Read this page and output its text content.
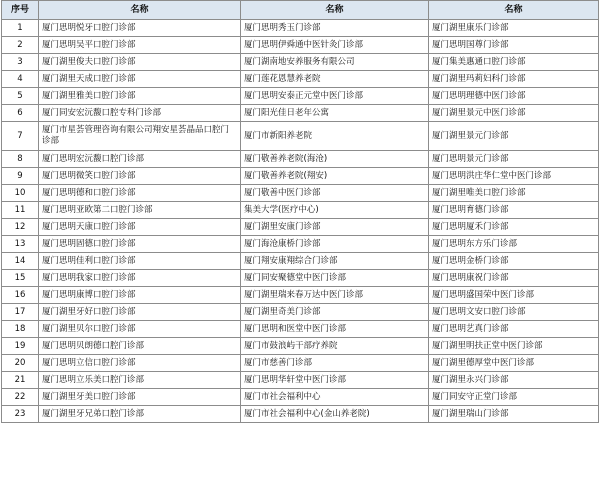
序号	名称	名称	名称
1	厦门思明悦牙口腔门诊部	厦门思明秀玉门诊部	厦门湖里康乐门诊部
2	厦门思明吴平口腔门诊部	厦门思明伊舜通中医针灸门诊部	厦门思明国尊门诊部
3	厦门湖里俊夫口腔门诊部	厦门湖南地安养服务有限公司	厦门集美惠通口腔门诊部
4	厦门湖里天成口腔门诊部	厦门莲花恩慧养老院	厦门湖里玛莉妇科门诊部
5	厦门湖里雅美口腔门诊部	厦门思明安泰正元堂中医门诊部	厦门思明理德中医门诊部
6	厦门同安宏沅馥口腔专科门诊部	厦门阳光佳日老年公寓	厦门湖里景元中医门诊部
7	厦门市星荟管理咨询有限公司翔安星荟晶品口腔门诊部	厦门市新阳养老院	厦门湖里景元门诊部
8	厦门思明宏沅馥口腔门诊部	厦门敬善养老院(海沧)	厦门思明景元门诊部
9	厦门思明微笑口腔门诊部	厦门敬善养老院(翔安)	厦门思明洪庄华仁堂中医门诊部
10	厦门思明德和口腔门诊部	厦门敬善中医门诊部	厦门湖里唯美口腔门诊部
11	厦门思明亚欧第二口腔门诊部	集美大学(医疗中心)	厦门思明育德门诊部
12	厦门思明天康口腔门诊部	厦门湖里安康门诊部	厦门思明厦禾门诊部
13	厦门思明固德口腔门诊部	厦门海沧康桥门诊部	厦门思明东方乐门诊部
14	厦门思明佳利口腔门诊部	厦门翔安康翔综合门诊部	厦门思明金桥门诊部
15	厦门思明我家口腔门诊部	厦门同安聚德堂中医门诊部	厦门思明康祝门诊部
16	厦门思明康博口腔门诊部	厦门湖里瑞来春万达中医门诊部	厦门思明盛国荣中医门诊部
17	厦门湖里牙好口腔门诊部	厦门湖里奇美门诊部	厦门思明文安口腔门诊部
18	厦门湖里贝尔口腔门诊部	厦门思明和医堂中医门诊部	厦门思明艺真门诊部
19	厦门思明贝朗德口腔门诊部	厦门市鼓浪屿干部疗养院	厦门湖里明扶正堂中医门诊部
20	厦门思明立信口腔门诊部	厦门市慈善门诊部	厦门湖里德厚堂中医门诊部
21	厦门思明立乐美口腔门诊部	厦门思明华轩堂中医门诊部	厦门湖里永兴门诊部
22	厦门湖里牙美口腔门诊部	厦门市社会福利中心	厦门同安守正堂门诊部
23	厦门湖里牙兄弟口腔门诊部	厦门市社会福利中心(金山养老院)	厦门湖里瑞山门诊部
